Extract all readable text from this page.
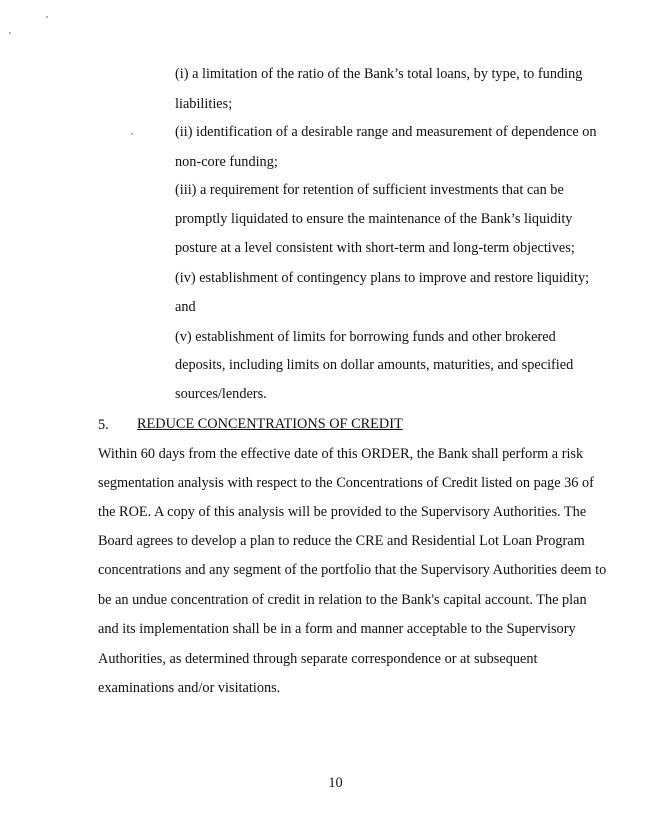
(i) a limitation of the ratio of the Bank’s total loans, by type, to funding
liabilities;
(ii) identification of a desirable range and measurement of dependence on
non-core funding;
(iii) a requirement for retention of sufficient investments that can be
promptly liquidated to ensure the maintenance of the Bank’s liquidity
posture at a level consistent with short-term and long-term objectives;
(iv) establishment of contingency plans to improve and restore liquidity;
and
(v) establishment of limits for borrowing funds and other brokered
deposits, including limits on dollar amounts, maturities, and specified
sources/lenders.
5. REDUCE CONCENTRATIONS OF CREDIT
Within 60 days from the effective date of this ORDER, the Bank shall perform a risk
segmentation analysis with respect to the Concentrations of Credit listed on page 36 of
the ROE. A copy of this analysis will be provided to the Supervisory Authorities. The
Board agrees to develop a plan to reduce the CRE and Residential Lot Loan Program
concentrations and any segment of the portfolio that the Supervisory Authorities deem to
be an undue concentration of credit in relation to the Bank's capital account. The plan
and its implementation shall be in a form and manner acceptable to the Supervisory
Authorities, as determined through separate correspondence or at subsequent
examinations and/or visitations.
10
